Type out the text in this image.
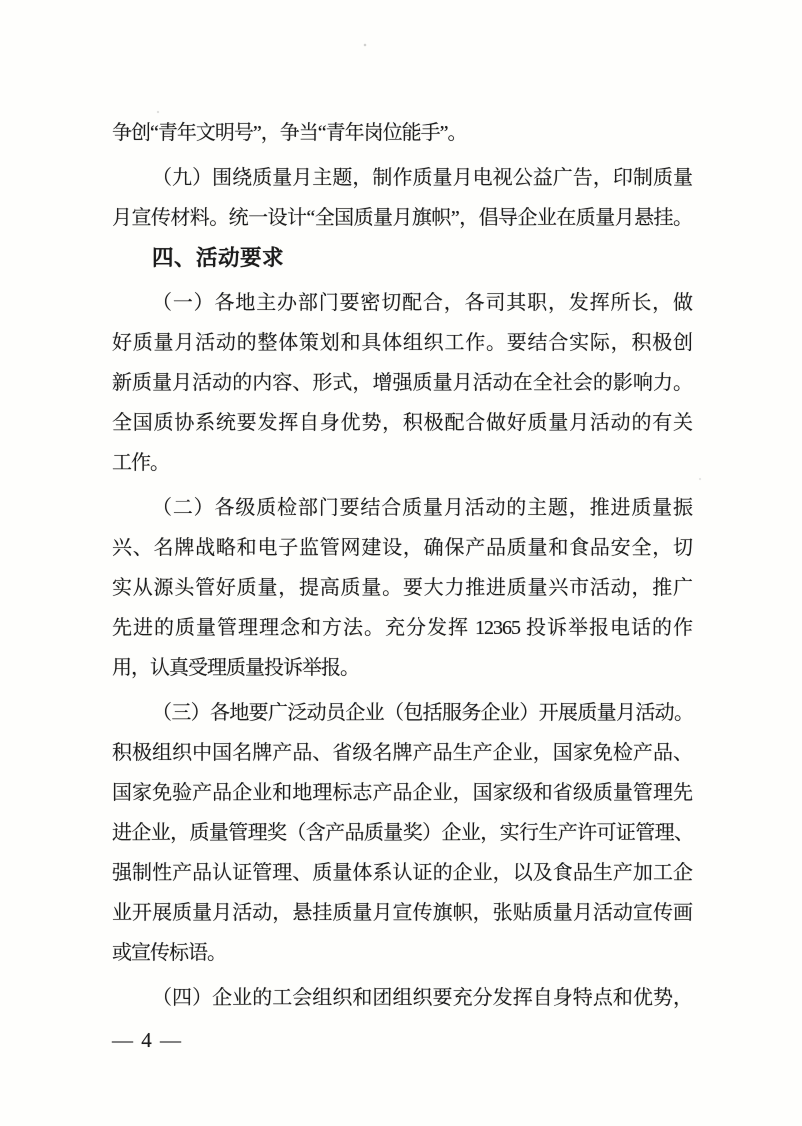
争创“青年文明号”，争当“青年岗位能手”。

（九）围绕质量月主题，制作质量月电视公益广告，印制质量

月宣传材料。统一设计“全国质量月旗帜”，倡导企业在质量月悬挂。

四、活动要求

（一）各地主办部门要密切配合，各司其职，发挥所长，做

好质量月活动的整体策划和具体组织工作。要结合实际，积极创

新质量月活动的内容、形式，增强质量月活动在全社会的影响力。

全国质协系统要发挥自身优势，积极配合做好质量月活动的有关

工作。

（二）各级质检部门要结合质量月活动的主题，推进质量振

兴、名牌战略和电子监管网建设，确保产品质量和食品安全，切

实从源头管好质量，提高质量。要大力推进质量兴市活动，推广

先进的质量管理理念和方法。充分发挥 12365 投诉举报电话的作

用，认真受理质量投诉举报。

（三）各地要广泛动员企业（包括服务企业）开展质量月活动。

积极组织中国名牌产品、省级名牌产品生产企业，国家免检产品、

国家免验产品企业和地理标志产品企业，国家级和省级质量管理先

进企业，质量管理奖（含产品质量奖）企业，实行生产许可证管理、

强制性产品认证管理、质量体系认证的企业，以及食品生产加工企

业开展质量月活动，悬挂质量月宣传旗帜，张贴质量月活动宣传画

或宣传标语。

（四）企业的工会组织和团组织要充分发挥自身特点和优势，

— 4 —
